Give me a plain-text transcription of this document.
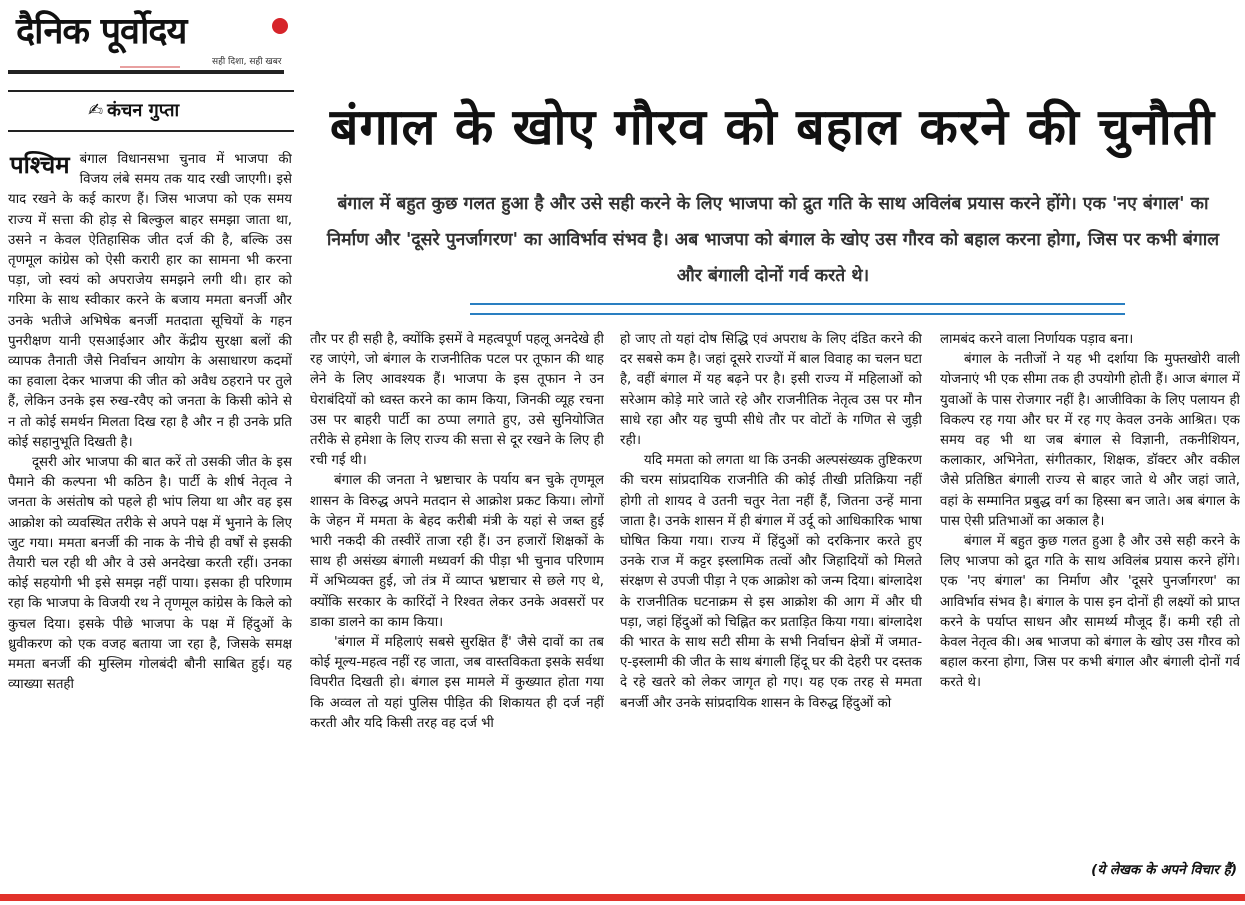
दैनिक पूर्वोदय
सही दिशा, सही खबर
✍ कंचन गुप्ता	बंगाल के खोए गौरव को बहाल करने की चुनौती
बंगाल में बहुत कुछ गलत हुआ है और उसे सही करने के लिए भाजपा को द्रुत गति के साथ अविलंब प्रयास करने होंगे। एक 'नए बंगाल' का निर्माण और 'दूसरे पुनर्जागरण' का आविर्भाव संभव है। अब भाजपा को बंगाल के खोए उस गौरव को बहाल करना होगा, जिस पर कभी बंगाल और बंगाली दोनों गर्व करते थे।
पश्चिम बंगाल विधानसभा चुनाव में भाजपा की विजय लंबे समय तक याद रखी जाएगी। इसे याद रखने के कई कारण हैं। जिस भाजपा को एक समय राज्य में सत्ता की होड़ से बिल्कुल बाहर समझा जाता था, उसने न केवल ऐतिहासिक जीत दर्ज की है, बल्कि उस तृणमूल कांग्रेस को ऐसी करारी हार का सामना भी करना पड़ा, जो स्वयं को अपराजेय समझने लगी थी। हार को गरिमा के साथ स्वीकार करने के बजाय ममता बनर्जी और उनके भतीजे अभिषेक बनर्जी मतदाता सूचियों के गहन पुनरीक्षण यानी एसआईआर और केंद्रीय सुरक्षा बलों की व्यापक तैनाती जैसे निर्वाचन आयोग के असाधारण कदमों का हवाला देकर भाजपा की जीत को अवैध ठहराने पर तुले हैं, लेकिन उनके इस रुख-रवैए को जनता के किसी कोने से न तो कोई समर्थन मिलता दिख रहा है और न ही उनके प्रति कोई सहानुभूति दिखती है।

दूसरी ओर भाजपा की बात करें तो उसकी जीत के इस पैमाने की कल्पना भी कठिन है। पार्टी के शीर्ष नेतृत्व ने जनता के असंतोष को पहले ही भांप लिया था और वह इस आक्रोश को व्यवस्थित तरीके से अपने पक्ष में भुनाने के लिए जुट गया। ममता बनर्जी की नाक के नीचे ही वर्षों से इसकी तैयारी चल रही थी और वे उसे अनदेखा करती रहीं। उनका कोई सहयोगी भी इसे समझ नहीं पाया। इसका ही परिणाम रहा कि भाजपा के विजयी रथ ने तृणमूल कांग्रेस के किले को कुचल दिया। इसके पीछे भाजपा के पक्ष में हिंदुओं के ध्रुवीकरण को एक वजह बताया जा रहा है, जिसके समक्ष ममता बनर्जी की मुस्लिम गोलबंदी बौनी साबित हुई। यह व्याख्या सतही

तौर पर ही सही है, क्योंकि इसमें वे महत्वपूर्ण पहलू अनदेखे ही रह जाएंगे, जो बंगाल के राजनीतिक पटल पर तूफान की थाह लेने के लिए आवश्यक हैं। भाजपा के इस तूफान ने उन घेराबंदियों को ध्वस्त करने का काम किया, जिनकी व्यूह रचना उस पर बाहरी पार्टी का ठप्पा लगाते हुए, उसे सुनियोजित तरीके से हमेशा के लिए राज्य की सत्ता से दूर रखने के लिए ही रची गई थी।

बंगाल की जनता ने भ्रष्टाचार के पर्याय बन चुके तृणमूल शासन के विरुद्ध अपने मतदान से आक्रोश प्रकट किया। लोगों के जेहन में ममता के बेहद करीबी मंत्री के यहां से जब्त हुई भारी नकदी की तस्वीरें ताजा रही हैं। उन हजारों शिक्षकों के साथ ही असंख्य बंगाली मध्यवर्ग की पीड़ा भी चुनाव परिणाम में अभिव्यक्त हुई, जो तंत्र में व्याप्त भ्रष्टाचार से छले गए थे, क्योंकि सरकार के कारिंदों ने रिश्वत लेकर उनके अवसरों पर डाका डालने का काम किया।

'बंगाल में महिलाएं सबसे सुरक्षित हैं' जैसे दावों का तब कोई मूल्य-महत्व नहीं रह जाता, जब वास्तविकता इसके सर्वथा विपरीत दिखती हो। बंगाल इस मामले में कुख्यात होता गया कि अव्वल तो यहां पुलिस पीड़ित की शिकायत ही दर्ज नहीं करती और यदि किसी तरह वह दर्ज भी

हो जाए तो यहां दोष सिद्धि एवं अपराध के लिए दंडित करने की दर सबसे कम है। जहां दूसरे राज्यों में बाल विवाह का चलन घटा है, वहीं बंगाल में यह बढ़ने पर है। इसी राज्य में महिलाओं को सरेआम कोड़े मारे जाते रहे और राजनीतिक नेतृत्व उस पर मौन साधे रहा और यह चुप्पी सीधे तौर पर वोटों के गणित से जुड़ी रही।

यदि ममता को लगता था कि उनकी अल्पसंख्यक तुष्टिकरण की चरम सांप्रदायिक राजनीति की कोई तीखी प्रतिक्रिया नहीं होगी तो शायद वे उतनी चतुर नेता नहीं हैं, जितना उन्हें माना जाता है। उनके शासन में ही बंगाल में उर्दू को आधिकारिक भाषा घोषित किया गया। राज्य में हिंदुओं को दरकिनार करते हुए उनके राज में कट्टर इस्लामिक तत्वों और जिहादियों को मिलते संरक्षण से उपजी पीड़ा ने एक आक्रोश को जन्म दिया। बांग्लादेश के राजनीतिक घटनाक्रम से इस आक्रोश की आग में और घी पड़ा, जहां हिंदुओं को चिह्नित कर प्रताड़ित किया गया। बांग्लादेश की भारत के साथ सटी सीमा के सभी निर्वाचन क्षेत्रों में जमात-ए-इस्लामी की जीत के साथ बंगाली हिंदू घर की देहरी पर दस्तक दे रहे खतरे को लेकर जागृत हो गए। यह एक तरह से ममता बनर्जी और उनके सांप्रदायिक शासन के विरुद्ध हिंदुओं को

लामबंद करने वाला निर्णायक पड़ाव बना।

बंगाल के नतीजों ने यह भी दर्शाया कि मुफ्तखोरी वाली योजनाएं भी एक सीमा तक ही उपयोगी होती हैं। आज बंगाल में युवाओं के पास रोजगार नहीं है। आजीविका के लिए पलायन ही विकल्प रह गया और घर में रह गए केवल उनके आश्रित। एक समय वह भी था जब बंगाल से विज्ञानी, तकनीशियन, कलाकार, अभिनेता, संगीतकार, शिक्षक, डॉक्टर और वकील जैसे प्रतिष्ठित बंगाली राज्य से बाहर जाते थे और जहां जाते, वहां के सम्मानित प्रबुद्ध वर्ग का हिस्सा बन जाते। अब बंगाल के पास ऐसी प्रतिभाओं का अकाल है।

बंगाल में बहुत कुछ गलत हुआ है और उसे सही करने के लिए भाजपा को द्रुत गति के साथ अविलंब प्रयास करने होंगे। एक 'नए बंगाल' का निर्माण और 'दूसरे पुनर्जागरण' का आविर्भाव संभव है। बंगाल के पास इन दोनों ही लक्ष्यों को प्राप्त करने के पर्याप्त साधन और सामर्थ्य मौजूद हैं। कमी रही तो केवल नेतृत्व की। अब भाजपा को बंगाल के खोए उस गौरव को बहाल करना होगा, जिस पर कभी बंगाल और बंगाली दोनों गर्व करते थे।

(ये लेखक के अपने विचार हैं)
